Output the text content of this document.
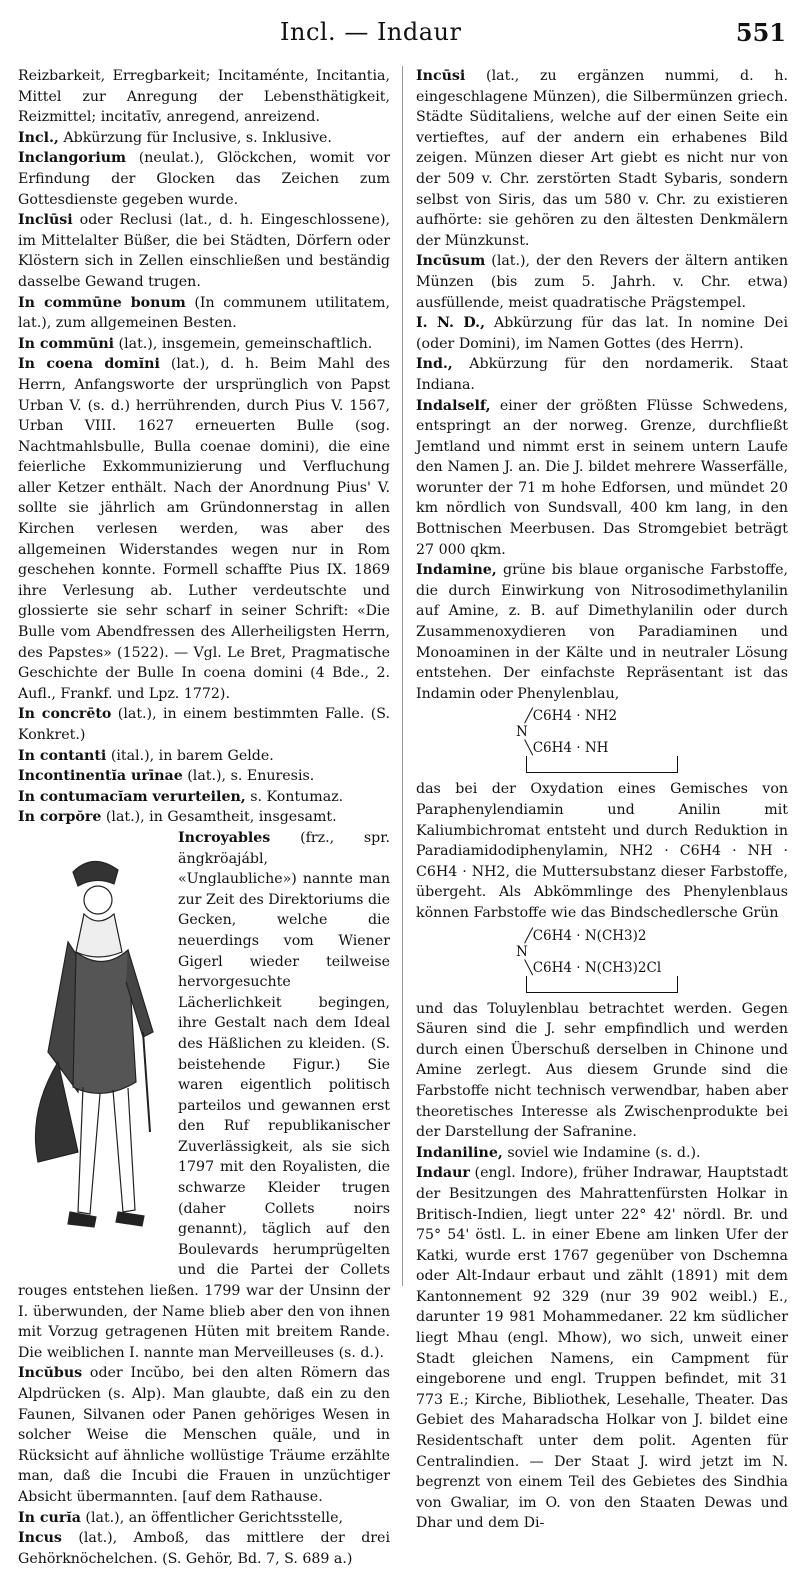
Incl. — Indaur	551

Reizbarkeit, Erregbarkeit; Incitaménte, Incitantia, Mittel zur Anregung der Lebensthätigkeit, Reizmittel; incitatīv, anregend, anreizend.

Incl., Abkürzung für Inclusive, s. Inklusive.

Inclangorium (neulat.), Glöckchen, womit vor Erfindung der Glocken das Zeichen zum Gottesdienste gegeben wurde.

Inclūsi oder Reclusi (lat., d. h. Eingeschlossene), im Mittelalter Büßer, die bei Städten, Dörfern oder Klöstern sich in Zellen einschließen und beständig dasselbe Gewand trugen.

In commūne bonum (In communem utilitatem, lat.), zum allgemeinen Besten.

In commūni (lat.), insgemein, gemeinschaftlich.

In coena domĭni (lat.), d. h. Beim Mahl des Herrn, Anfangsworte der ursprünglich von Papst Urban V. (s. d.) herrührenden, durch Pius V. 1567, Urban VIII. 1627 erneuerten Bulle (sog. Nachtmahlsbulle, Bulla coenae domini), die eine feierliche Exkommunizierung und Verfluchung aller Ketzer enthält. Nach der Anordnung Pius' V. sollte sie jährlich am Gründonnerstag in allen Kirchen verlesen werden, was aber des allgemeinen Widerstandes wegen nur in Rom geschehen konnte. Formell schaffte Pius IX. 1869 ihre Verlesung ab. Luther verdeutschte und glossierte sie sehr scharf in seiner Schrift: «Die Bulle vom Abendfressen des Allerheiligsten Herrn, des Papstes» (1522). — Vgl. Le Bret, Pragmatische Geschichte der Bulle In coena domini (4 Bde., 2. Aufl., Frankf. und Lpz. 1772).

In concrēto (lat.), in einem bestimmten Falle. (S. Konkret.)

In contanti (ital.), in barem Gelde.

Incontinentĭa urīnae (lat.), s. Enuresis.

In contumacĭam verurteilen, s. Kontumaz.

In corpŏre (lat.), in Gesamtheit, insgesamt.

Incroyables (frz., spr. ängkröajábl, «Unglaubliche») nannte man zur Zeit des Direktoriums die Gecken, welche die neuerdings vom Wiener Gigerl wieder teilweise hervorgesuchte Lächerlichkeit begingen, ihre Gestalt nach dem Ideal des Häßlichen zu kleiden. (S. beistehende Figur.) Sie waren eigentlich politisch parteilos und gewannen erst den Ruf republikanischer Zuverlässigkeit, als sie sich 1797 mit den Royalisten, die schwarze Kleider trugen (daher Collets noirs genannt), täglich auf den Boulevards herumprügelten und die Partei der Collets rouges entstehen ließen. 1799 war der Unsinn der I. überwunden, der Name blieb aber den von ihnen mit Vorzug getragenen Hüten mit breitem Rande. Die weiblichen I. nannte man Merveilleuses (s. d.).

Incŭbus oder Incŭbo, bei den alten Römern das Alpdrücken (s. Alp). Man glaubte, daß ein zu den Faunen, Silvanen oder Panen gehöriges Wesen in solcher Weise die Menschen quäle, und in Rücksicht auf ähnliche wollüstige Träume erzählte man, daß die Incubi die Frauen in unzüchtiger Absicht übermannten. [auf dem Rathause.

In curĭa (lat.), an öffentlicher Gerichtsstelle,

Incus (lat.), Amboß, das mittlere der drei Gehörknöchelchen. (S. Gehör, Bd. 7, S. 689 a.)

Incūsi (lat., zu ergänzen nummi, d. h. eingeschlagene Münzen), die Silbermünzen griech. Städte Süditaliens, welche auf der einen Seite ein vertieftes, auf der andern ein erhabenes Bild zeigen. Münzen dieser Art giebt es nicht nur von der 509 v. Chr. zerstörten Stadt Sybaris, sondern selbst von Siris, das um 580 v. Chr. zu existieren aufhörte: sie gehören zu den ältesten Denkmälern der Münzkunst.

Incūsum (lat.), der den Revers der ältern antiken Münzen (bis zum 5. Jahrh. v. Chr. etwa) ausfüllende, meist quadratische Prägstempel.

I. N. D., Abkürzung für das lat. In nomine Dei (oder Domini), im Namen Gottes (des Herrn).

Ind., Abkürzung für den nordamerik. Staat Indiana.

Indalself, einer der größten Flüsse Schwedens, entspringt an der norweg. Grenze, durchfließt Jemtland und nimmt erst in seinem untern Laufe den Namen J. an. Die J. bildet mehrere Wasserfälle, worunter der 71 m hohe Edforsen, und mündet 20 km nördlich von Sundsvall, 400 km lang, in den Bottnischen Meerbusen. Das Stromgebiet beträgt 27 000 qkm.

Indamine, grüne bis blaue organische Farbstoffe, die durch Einwirkung von Nitrosodimethylanilin auf Amine, z. B. auf Dimethylanilin oder durch Zusammenoxydieren von Paradiaminen und Monoaminen in der Kälte und in neutraler Lösung entstehen. Der einfachste Repräsentant ist das Indamin oder Phenylenblau,

╱C6H4 · NH2
N
╲C6H4 · NH

das bei der Oxydation eines Gemisches von Paraphenylendiamin und Anilin mit Kaliumbichromat entsteht und durch Reduktion in Paradiamidodiphenylamin, NH2 · C6H4 · NH · C6H4 · NH2, die Muttersubstanz dieser Farbstoffe, übergeht. Als Abkömmlinge des Phenylenblaus können Farbstoffe wie das Bindschedlersche Grün

╱C6H4 · N(CH3)2
N
╲C6H4 · N(CH3)2Cl

und das Toluylenblau betrachtet werden. Gegen Säuren sind die J. sehr empfindlich und werden durch einen Überschuß derselben in Chinone und Amine zerlegt. Aus diesem Grunde sind die Farbstoffe nicht technisch verwendbar, haben aber theoretisches Interesse als Zwischenprodukte bei der Darstellung der Safranine.

Indaniline, soviel wie Indamine (s. d.).

Indaur (engl. Indore), früher Indrawar, Hauptstadt der Besitzungen des Mahrattenfürsten Holkar in Britisch-Indien, liegt unter 22° 42' nördl. Br. und 75° 54' östl. L. in einer Ebene am linken Ufer der Katki, wurde erst 1767 gegenüber von Dschemna oder Alt-Indaur erbaut und zählt (1891) mit dem Kantonnement 92 329 (nur 39 902 weibl.) E., darunter 19 981 Mohammedaner. 22 km südlicher liegt Mhau (engl. Mhow), wo sich, unweit einer Stadt gleichen Namens, ein Campment für eingeborene und engl. Truppen befindet, mit 31 773 E.; Kirche, Bibliothek, Lesehalle, Theater. Das Gebiet des Maharadscha Holkar von J. bildet eine Residentschaft unter dem polit. Agenten für Centralindien. — Der Staat J. wird jetzt im N. begrenzt von einem Teil des Gebietes des Sindhia von Gwaliar, im O. von den Staaten Dewas und Dhar und dem Di-
